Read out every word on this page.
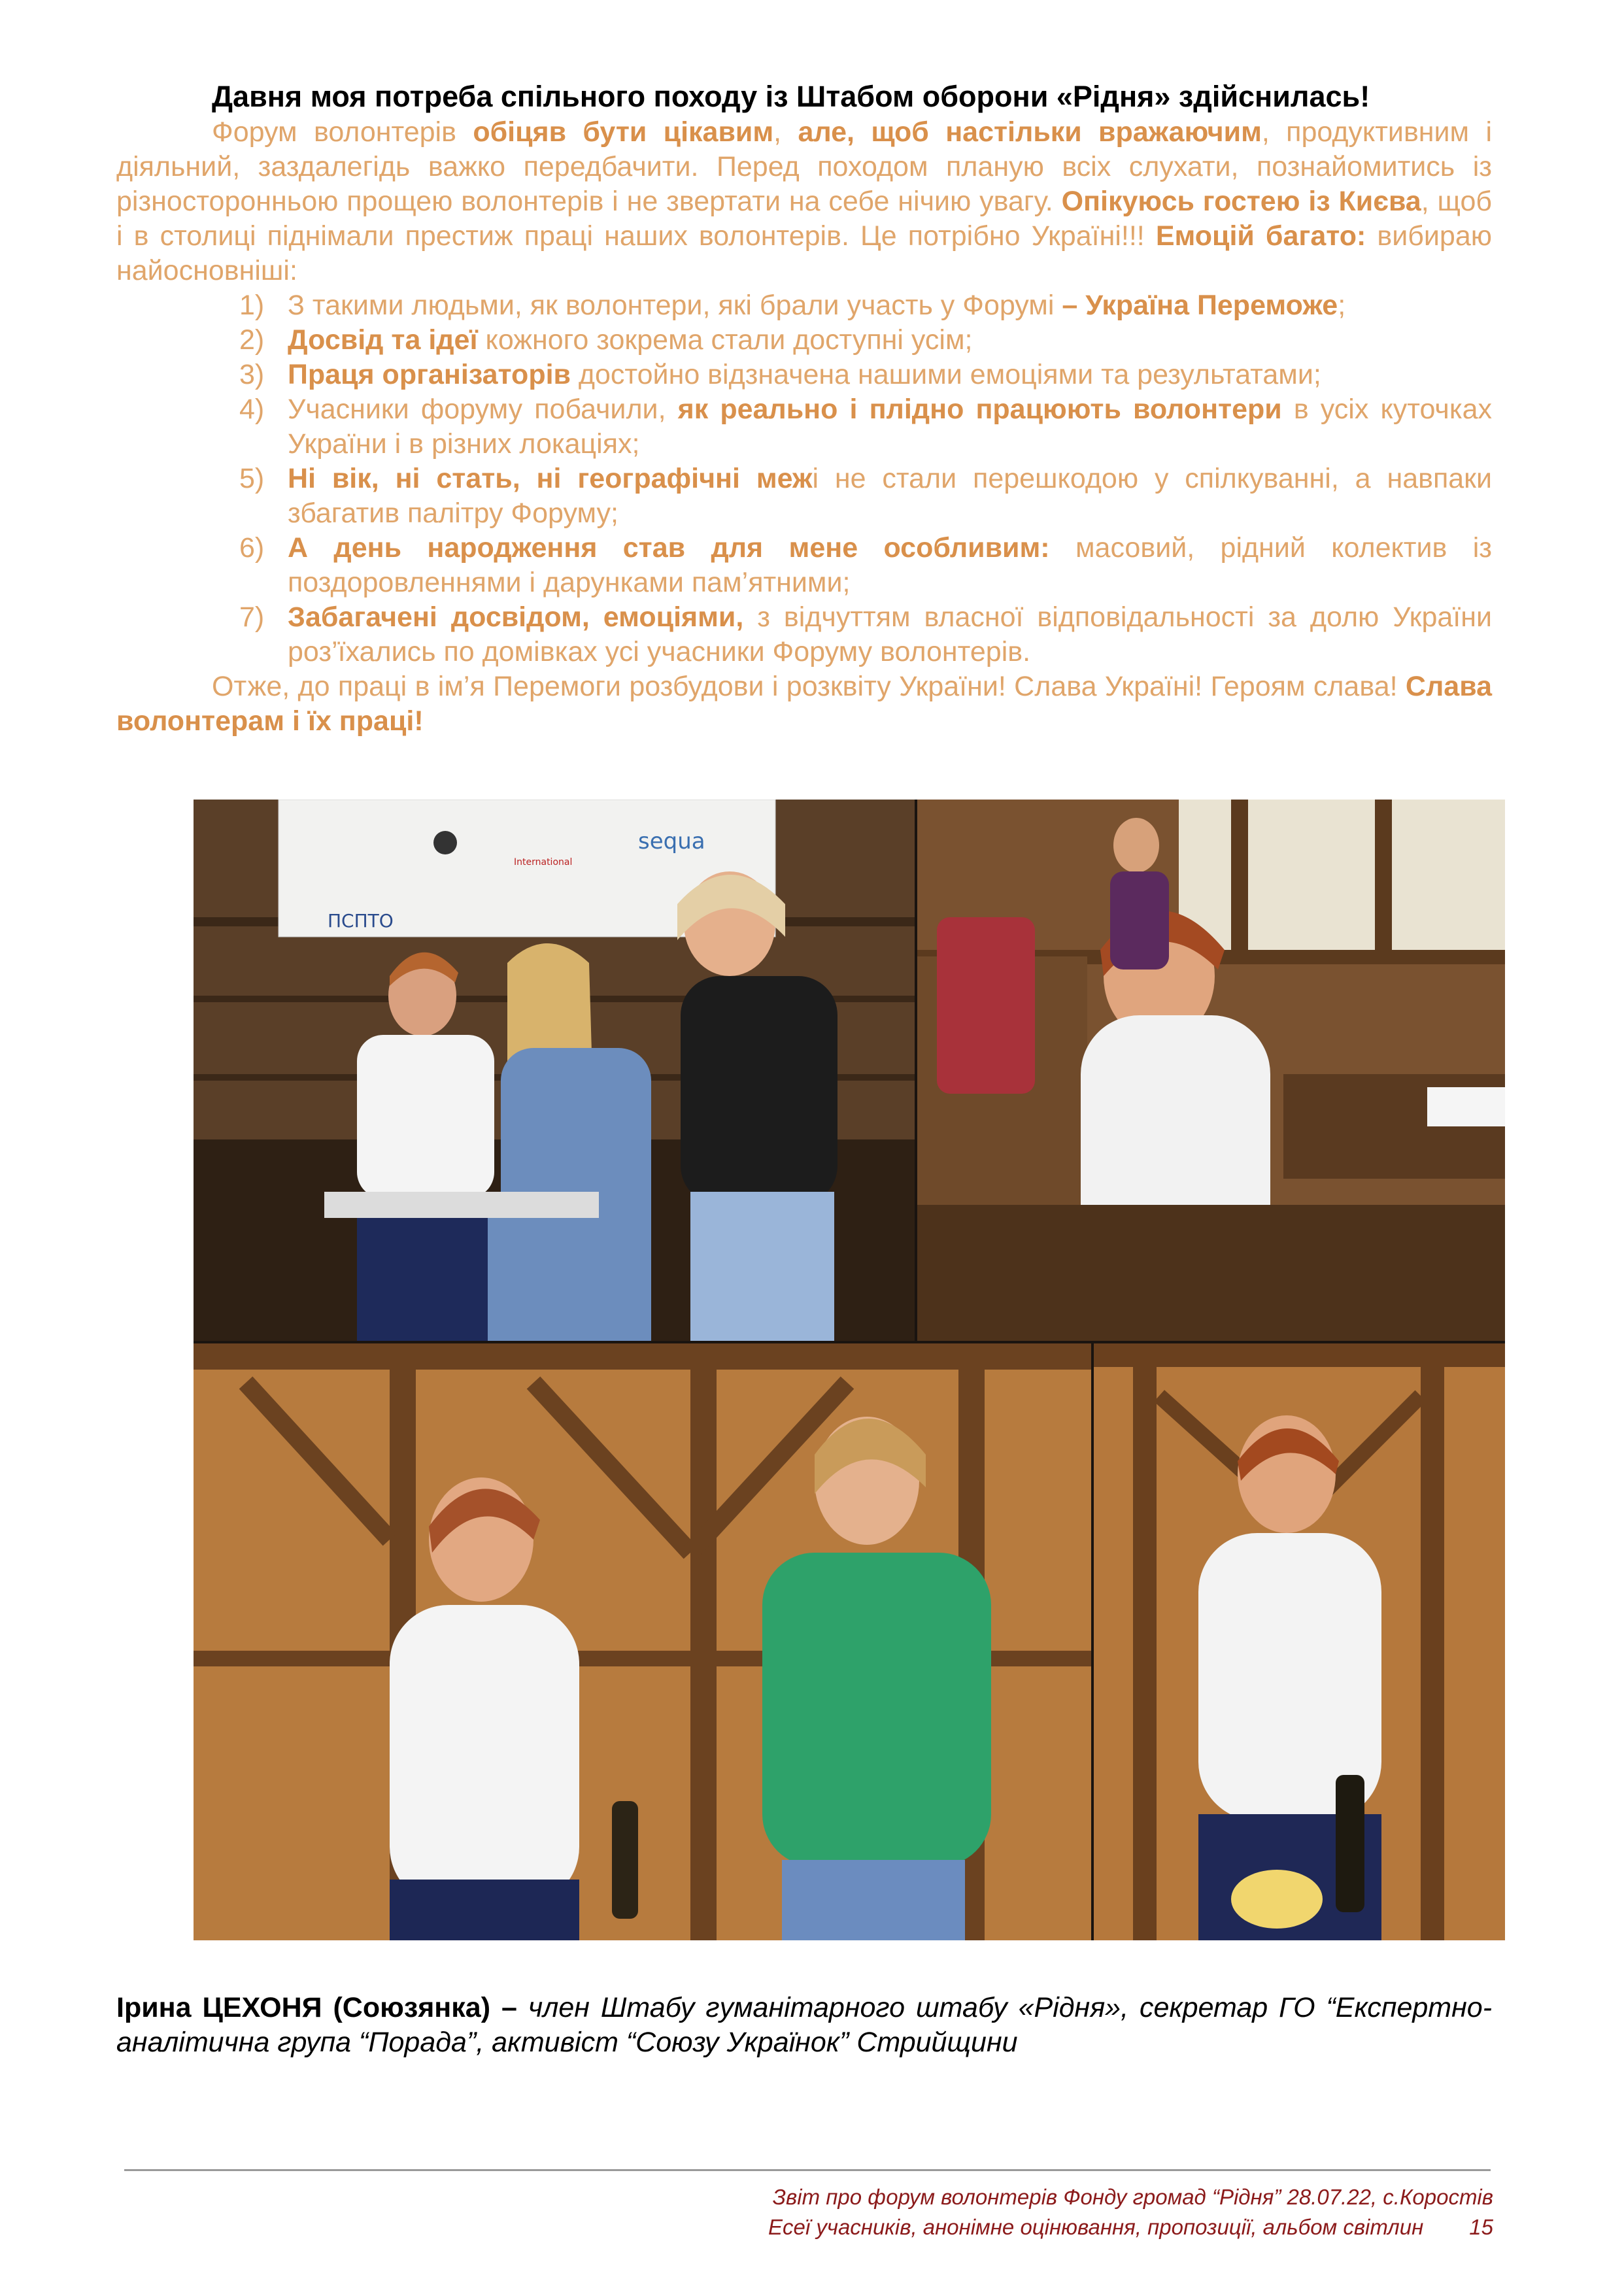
Давня моя потреба спільного походу із Штабом оборони «Рідня» здійснилась!

Форум волонтерів обіцяв бути цікавим, але, щоб настільки вражаючим, продуктивним і діяльний, заздалегідь важко передбачити. Перед походом планую всіх слухати, познайомитись із різносторонньою прощею волонтерів і не звертати на себе нічию увагу. Опікуюсь гостею із Києва, щоб і в столиці піднімали престиж праці наших волонтерів. Це потрібно Україні!!! Емоцій багато: вибираю найосновніші:

1) З такими людьми, як волонтери, які брали участь у Форумі – Україна Переможе;
2) Досвід та ідеї кожного зокрема стали доступні усім;
3) Праця організаторів достойно відзначена нашими емоціями та результатами;
4) Учасники форуму побачили, як реально і плідно працюють волонтери в усіх куточках України і в різних локаціях;
5) Ні вік, ні стать, ні географічні межі не стали перешкодою у спілкуванні, а навпаки збагатив палітру Форуму;
6) А день народження став для мене особливим: масовий, рідний колектив із поздоровленнями і дарунками пам’ятними;
7) Забагачені досвідом, емоціями, з відчуттям власної відповідальності за долю України роз’їхались по домівках усі учасники Форуму волонтерів.

Отже, до праці в ім’я Перемоги розбудови і розквіту України! Слава Україні! Героям слава! Слава волонтерам і їх праці!

ПСПТО
International
sequa
Ірина ЦЕХОНЯ (Союзянка) – член Штабу гуманітарного штабу «Рідня», секретар ГО “Експертно-аналітична група “Порада”, активіст “Союзу Українок” Стрийщини
Звіт про форум волонтерів Фонду громад “Рідня” 28.07.22, с.Коростів
Есеї учасників, анонімне оцінювання, пропозиції, альбом світлин 15
